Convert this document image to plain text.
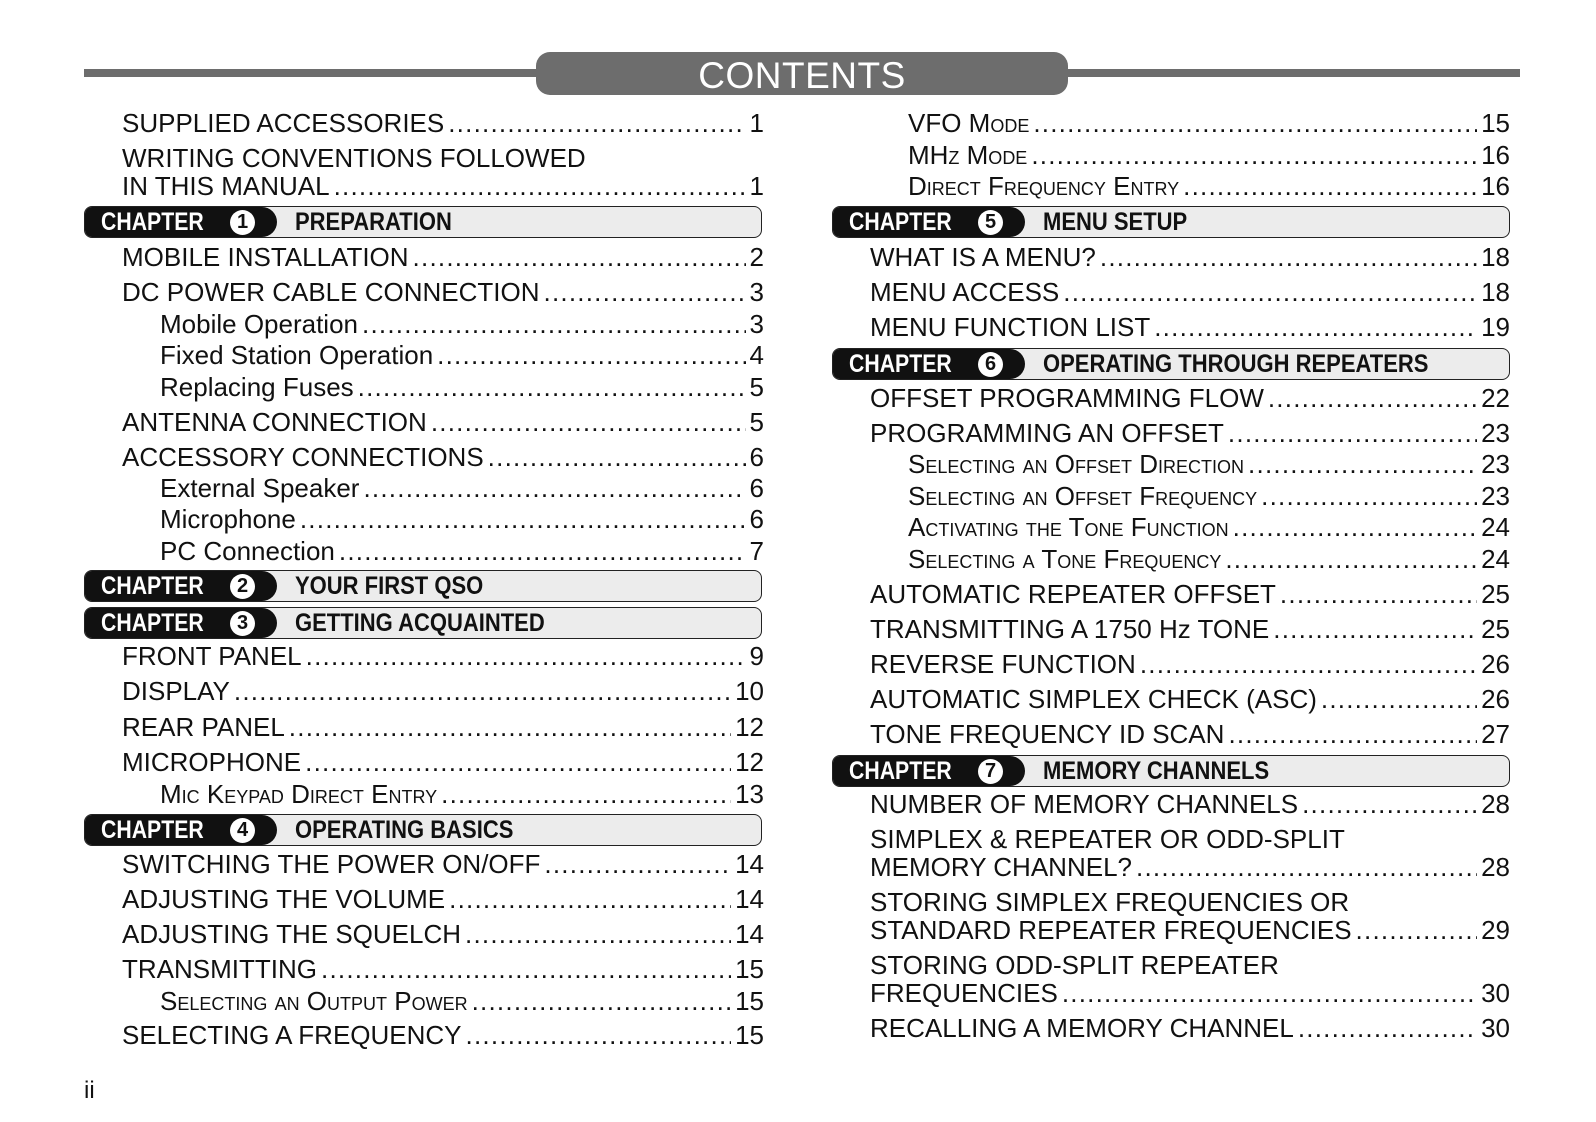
CONTENTS
SUPPLIED ACCESSORIES . . .	1
WRITING CONVENTIONS FOLLOWED
IN THIS MANUAL . . .	1
CHAPTER	1 PREPARATION
MOBILE INSTALLATION . . .	2
DC POWER CABLE CONNECTION . . .	3
Mobile Operation . . .	3
Fixed Station Operation . . .	4
Replacing Fuses . . .	5
ANTENNA CONNECTION . . .	5
ACCESSORY CONNECTIONS . . .	6
External Speaker . . .	6
Microphone . . .	6
PC Connection . . .	7
CHAPTER	2 YOUR FIRST QSO
CHAPTER	3 GETTING ACQUAINTED
FRONT PANEL . . .	9
DISPLAY . . .	10
REAR PANEL . . .	12
MICROPHONE . . .	12
Mic Keypad Direct Entry . . .	13
CHAPTER	4 OPERATING BASICS
SWITCHING THE POWER ON/OFF . . .	14
ADJUSTING THE VOLUME . . .	14
ADJUSTING THE SQUELCH . . .	14
TRANSMITTING . . .	15
Selecting an Output Power . . .	15
SELECTING A FREQUENCY . . .	15
VFO Mode . . .	15
MHz Mode . . .	16
Direct Frequency Entry . . .	16
CHAPTER	5 MENU SETUP
WHAT IS A MENU? . . .	18
MENU ACCESS . . .	18
MENU FUNCTION LIST . . .	19
CHAPTER	6 OPERATING THROUGH REPEATERS
OFFSET PROGRAMMING FLOW . . .	22
PROGRAMMING AN OFFSET . . .	23
Selecting an Offset Direction . . .	23
Selecting an Offset Frequency . . .	23
Activating the Tone Function . . .	24
Selecting a Tone Frequency . . .	24
AUTOMATIC REPEATER OFFSET . . .	25
TRANSMITTING A 1750 Hz TONE . . .	25
REVERSE FUNCTION . . .	26
AUTOMATIC SIMPLEX CHECK (ASC) . . .	26
TONE FREQUENCY ID SCAN . . .	27
CHAPTER	7 MEMORY CHANNELS
NUMBER OF MEMORY CHANNELS . . .	28
SIMPLEX & REPEATER OR ODD-SPLIT
MEMORY CHANNEL? . . .	28
STORING SIMPLEX FREQUENCIES OR
STANDARD REPEATER FREQUENCIES . . .	29
STORING ODD-SPLIT REPEATER
FREQUENCIES . . .	30
RECALLING A MEMORY CHANNEL . . .	30
ii
